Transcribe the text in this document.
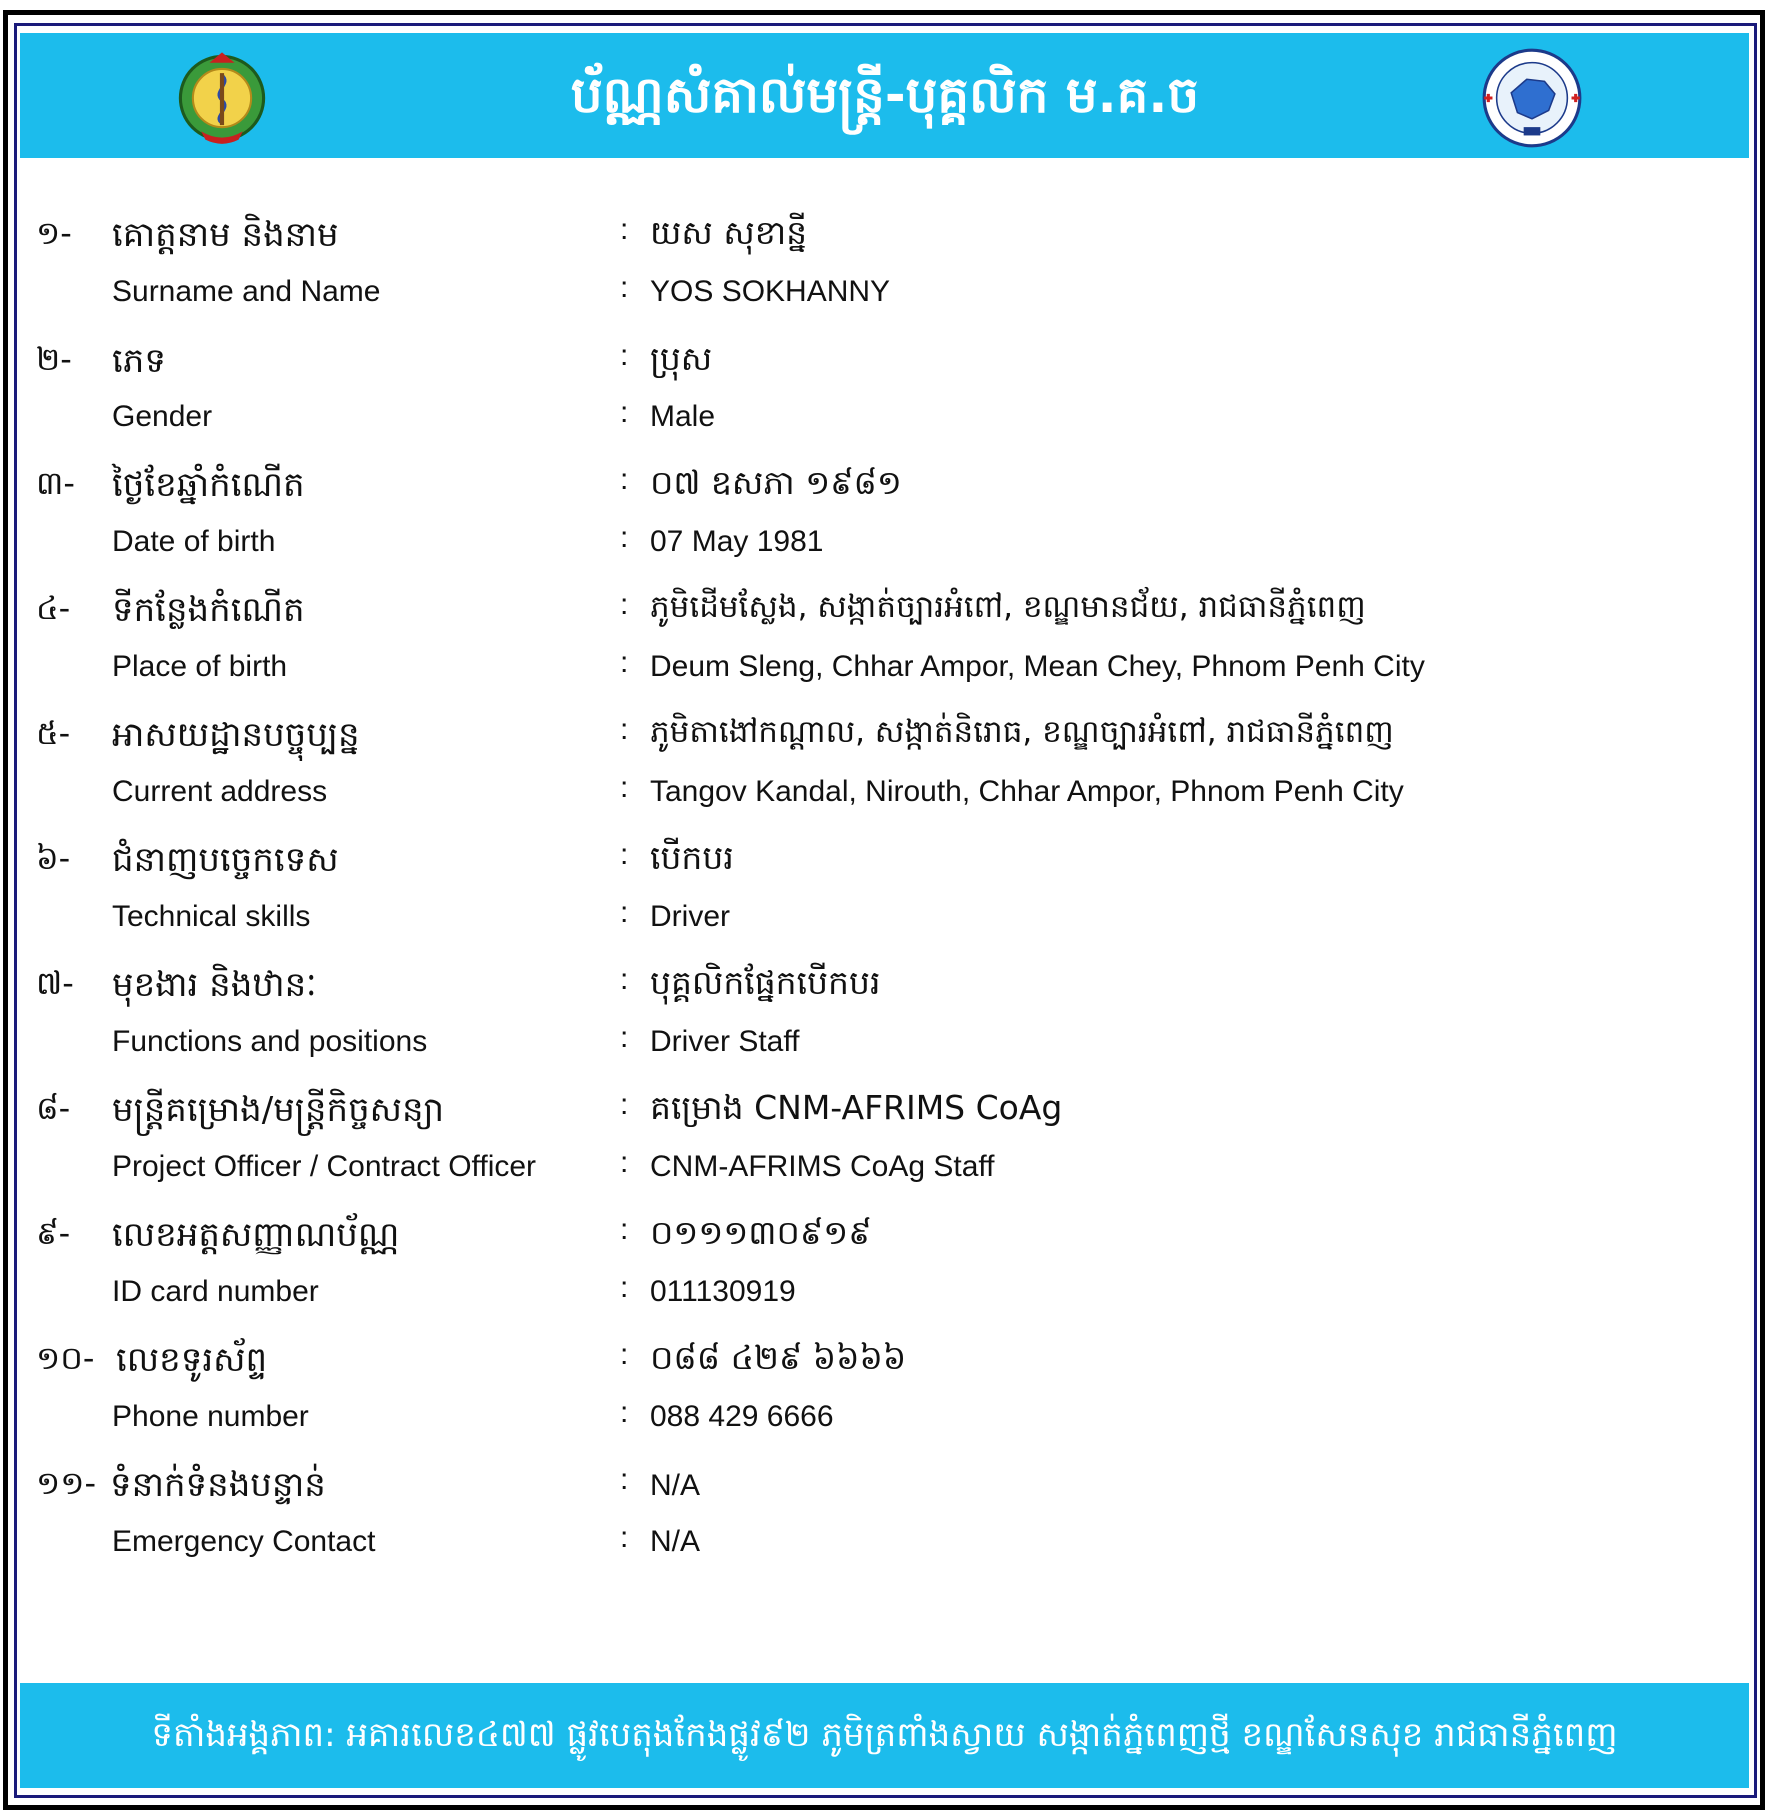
ប័ណ្ណសំគាល់មន្ត្រី-បុគ្គលិក ម.គ.ច
១- គោត្តនាម និងនាម	: យស សុខាន្នី
Surname and Name	: YOS SOKHANNY
២- ភេទ	: ប្រុស
Gender	: Male
៣- ថ្ងៃខែឆ្នាំកំណើត	: ០៧ ឧសភា ១៩៨១
Date of birth	: 07 May 1981
៤- ទីកន្លែងកំណើត	: ភូមិដើមស្លែង, សង្កាត់ច្បារអំពៅ, ខណ្ឌមានជ័យ, រាជធានីភ្នំពេញ
Place of birth	: Deum Sleng, Chhar Ampor, Mean Chey, Phnom Penh City
៥- អាសយដ្ឋានបច្ចុប្បន្ន	: ភូមិតាងៅកណ្ដាល, សង្កាត់និរោធ, ខណ្ឌច្បារអំពៅ, រាជធានីភ្នំពេញ
Current address	: Tangov Kandal, Nirouth, Chhar Ampor, Phnom Penh City
៦- ជំនាញបច្ចេកទេស	: បើកបរ
Technical skills	: Driver
៧- មុខងារ និងឋានៈ	: បុគ្គលិកផ្នែកបើកបរ
Functions and positions	: Driver Staff
៨- មន្ត្រីគម្រោង/មន្ត្រីកិច្ចសន្យា	: គម្រោង CNM-AFRIMS CoAg
Project Officer / Contract Officer	: CNM-AFRIMS CoAg Staff
៩- លេខអត្តសញ្ញាណប័ណ្ណ	: ០១១១៣០៩១៩
ID card number	: 011130919
១០- លេខទូរស័ព្ទ	: ០៨៨ ៤២៩ ៦៦៦៦
Phone number	: 088 429 6666
១១- ទំនាក់ទំនងបន្ទាន់	: N/A
Emergency Contact	: N/A
ទីតាំងអង្គភាព: អគារលេខ៤៧៧ ផ្លូវបេតុងកែងផ្លូវ៩២ ភូមិត្រពាំងស្វាយ សង្កាត់ភ្នំពេញថ្មី ខណ្ឌសែនសុខ រាជធានីភ្នំពេញ
